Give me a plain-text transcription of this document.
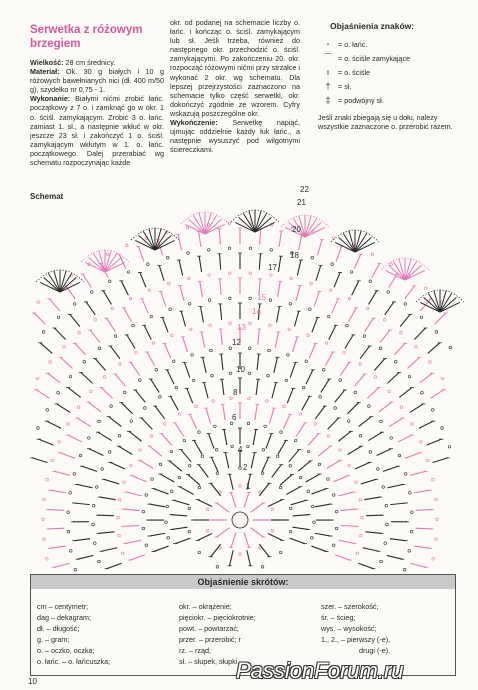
Serwetka z różowym
brzegiem
Wielkość: 28 cm średnicy.
Materiał: Ok. 30 g białych i 10 g różowych bawełnianych nici (dł. 400 m/50 g), szydełko nr 0,75 - 1.
Wykonanie: Białymi nićmi zrobić łańc. początkowy z 7 o. i zamknąć go w okr. 1 o. ściśl. zamykającym. Zrobić 3 o. łańc. zamiast 1. sł., a następnie wkłuć w okr. jeszcze 23 sł. i zakończyć 1 o. ściśl. zamykającym wkłutym w 1. o. łańc. początkowego. Dalej przerabiać wg schematu rozpoczynając każde
okr. od podanej na schemacie liczby o. łańc. i kończąc o. ściśl. zamykającym lub sł. Jeśli trzeba, również do następnego okr. przechodzić o. ściśl. zamykającymi. Po zakończeniu 20. okr. rozpocząć różowymi nićmi przy strzałce i wykonać 2 okr. wg schematu. Dla lepszej przejrzystości zaznaczono na schemacie tylko część serwetki, okr. dokończyć zgodnie ze wzorem. Cyfry wskazują poszczególne okr.
Wykończenie: Serwetkę napiąć, ujmując oddzielnie każdy łuk łańc., a następnie wysuszyć pod wilgotnymi ściereczkami.
Objaśnienia znaków:
◦	= o. łańc.
⌒ = o. ściśle zamykające
ı	= o. ściśle
†	= sł.
‡	= podwójny sł.
Jeśli znaki zbiegają się u dołu, należy wszystkie zaznaczone o. przerobić razem.
Schemat
1
2
4
6
8
10
12
13
14
15
17
18
20
21
22
Objaśnienie skrótów:
cm – centymetr;
dag – dekagram;
dł. – długość;
g. – gram;
o. – oczko, oczka;
o. łańc. – o. łańcuszka;
okr. – okrążenie;
pięciokr. – pięciokrotnie;
powt. – powtarzać;
przer. – przerobić; r
rz. – rząd;
sł. – słupek, słupki
szer. – szerokość;
śr. – ścieg;
wys. – wysokość;
1., 2., – pierwszy (-e),
drugi (-e),
10	PassionForum.ru
